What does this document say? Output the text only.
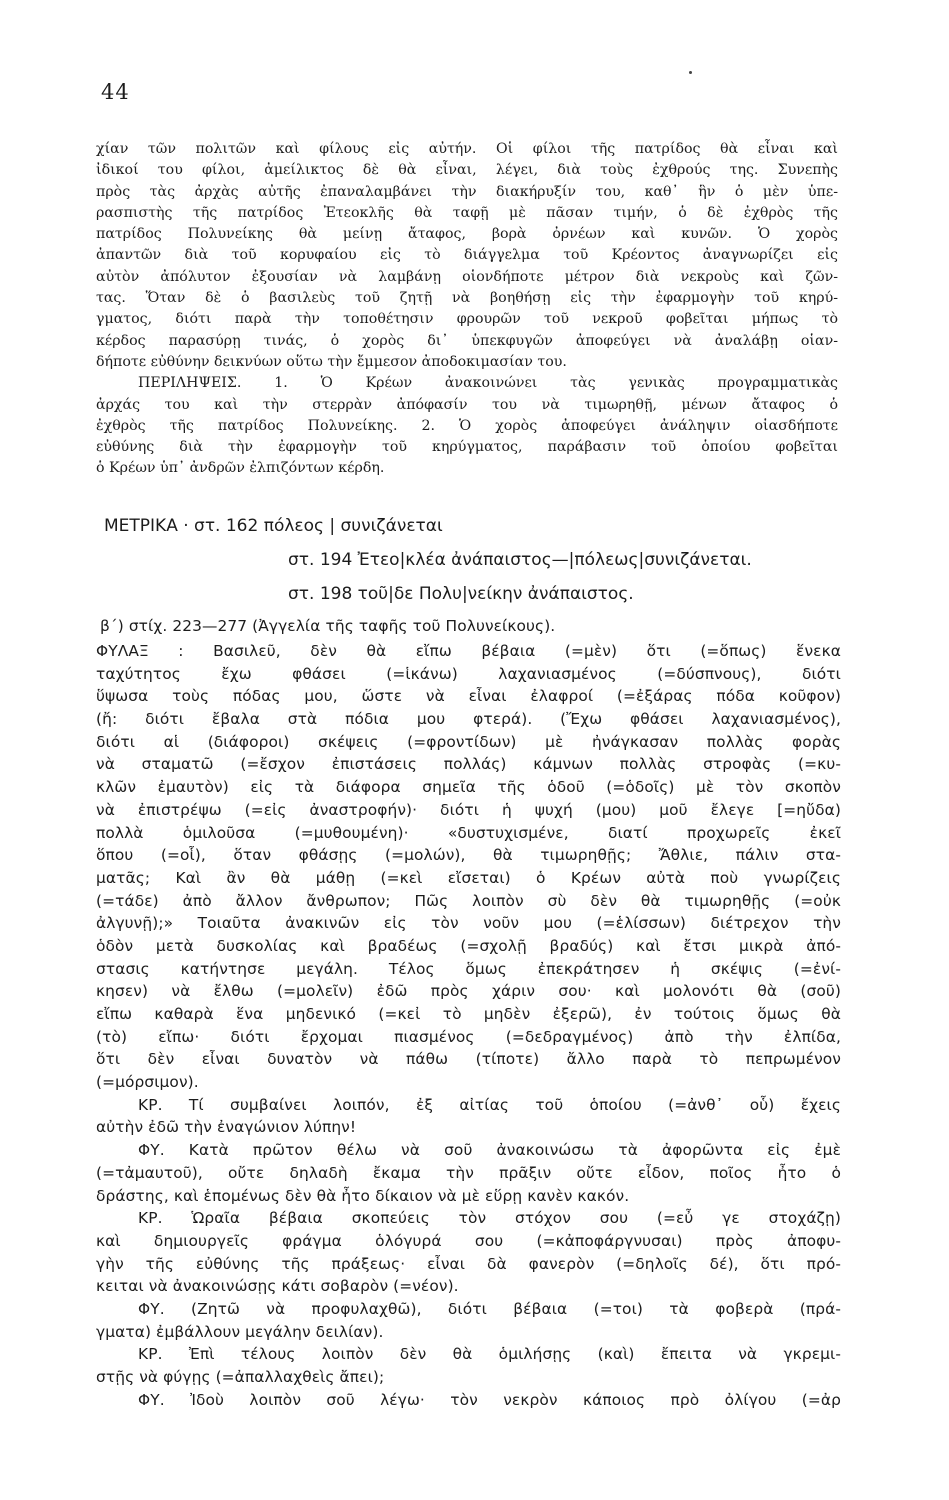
44
χίαν τῶν πολιτῶν καὶ φίλους εἰς αὐτήν. Οἱ φίλοι τῆς πατρίδος θὰ εἶναι καὶ
ἰδικοί του φίλοι, ἀμείλικτος δὲ θὰ εἶναι, λέγει, διὰ τοὺς ἐχθρούς της. Συνεπὴς
πρὸς τὰς ἀρχὰς αὐτῆς ἐπαναλαμβάνει τὴν διακήρυξίν του, καθ᾽ ἣν ὁ μὲν ὑπε-
ρασπιστὴς τῆς πατρίδος Ἐτεοκλῆς θὰ ταφῇ μὲ πᾶσαν τιμήν, ὁ δὲ ἐχθρὸς τῆς
πατρίδος Πολυνείκης θὰ μείνῃ ἄταφος, βορὰ ὀρνέων καὶ κυνῶν. Ὁ χορὸς
ἀπαντῶν διὰ τοῦ κορυφαίου εἰς τὸ διάγγελμα τοῦ Κρέοντος ἀναγνωρίζει εἰς
αὐτὸν ἀπόλυτον ἐξουσίαν νὰ λαμβάνῃ οἱονδήποτε μέτρον διὰ νεκροὺς καὶ ζῶν-
τας. Ὅταν δὲ ὁ βασιλεὺς τοῦ ζητῇ νὰ βοηθήσῃ εἰς τὴν ἐφαρμογὴν τοῦ κηρύ-
γματος, διότι παρὰ τὴν τοποθέτησιν φρουρῶν τοῦ νεκροῦ φοβεῖται μήπως τὸ
κέρδος παρασύρῃ τινάς, ὁ χορὸς δι᾽ ὑπεκφυγῶν ἀποφεύγει νὰ ἀναλάβῃ οἱαν-
δήποτε εὐθύνην δεικνύων οὕτω τὴν ἔμμεσον ἀποδοκιμασίαν του.
ΠΕΡΙΛΗΨΕΙΣ. 1. Ὁ Κρέων ἀνακοινώνει τὰς γενικὰς προγραμματικὰς
ἀρχάς του καὶ τὴν στερρὰν ἀπόφασίν του νὰ τιμωρηθῇ, μένων ἄταφος ὁ
ἐχθρὸς τῆς πατρίδος Πολυνείκης. 2. Ὁ χορὸς ἀποφεύγει ἀνάληψιν οἱασδήποτε
εὐθύνης διὰ τὴν ἐφαρμογὴν τοῦ κηρύγματος, παράβασιν τοῦ ὁποίου φοβεῖται
ὁ Κρέων ὑπ᾽ ἀνδρῶν ἐλπιζόντων κέρδη.
ΜΕΤΡΙΚΑ · στ. 162 πόλεος | συνιζάνεται
στ. 194 Ἐτεο|κλέα ἀνάπαιστος—|πόλεως|συνιζάνεται.
στ. 198 τοῦ|δε Πολυ|νείκην ἀνάπαιστος.
β΄) στίχ. 223—277 (Ἀγγελία τῆς ταφῆς τοῦ Πολυνείκους).
ΦΥΛΑΞ : Βασιλεῦ, δὲν θὰ εἴπω βέβαια (=μὲν) ὅτι (=ὅπως) ἕνεκα
ταχύτητος ἔχω φθάσει (=ἱκάνω) λαχανιασμένος (=δύσπνους), διότι
ὕψωσα τοὺς πόδας μου, ὥστε νὰ εἶναι ἐλαφροί (=ἐξάρας πόδα κοῦφον)
(ἤ: διότι ἔβαλα στὰ πόδια μου φτερά). (Ἔχω φθάσει λαχανιασμένος),
διότι αἱ (διάφοροι) σκέψεις (=φροντίδων) μὲ ἠνάγκασαν πολλὰς φορὰς
νὰ σταματῶ (=ἔσχον ἐπιστάσεις πολλάς) κάμνων πολλὰς στροφὰς (=κυ-
κλῶν ἐμαυτὸν) εἰς τὰ διάφορα σημεῖα τῆς ὁδοῦ (=ὁδοῖς) μὲ τὸν σκοπὸν
νὰ ἐπιστρέψω (=εἰς ἀναστροφήν)· διότι ἡ ψυχή (μου) μοῦ ἔλεγε [=ηὔδα)
πολλὰ ὁμιλοῦσα (=μυθουμένη)· «δυστυχισμένε, διατί προχωρεῖς ἐκεῖ
ὅπου (=οἷ), ὅταν φθάσῃς (=μολών), θὰ τιμωρηθῇς; Ἄθλιε, πάλιν στα-
ματᾶς; Καὶ ἂν θὰ μάθῃ (=κεὶ εἴσεται) ὁ Κρέων αὐτὰ ποὺ γνωρίζεις
(=τάδε) ἀπὸ ἄλλον ἄνθρωπον; Πῶς λοιπὸν σὺ δὲν θὰ τιμωρηθῇς (=οὐκ
ἀλγυνῇ);» Τοιαῦτα ἀνακινῶν εἰς τὸν νοῦν μου (=ἑλίσσων) διέτρεχον τὴν
ὁδὸν μετὰ δυσκολίας καὶ βραδέως (=σχολῇ βραδύς) καὶ ἔτσι μικρὰ ἀπό-
στασις κατήντησε μεγάλη. Τέλος ὅμως ἐπεκράτησεν ἡ σκέψις (=ἐνί-
κησεν) νὰ ἔλθω (=μολεῖν) ἐδῶ πρὸς χάριν σου· καὶ μολονότι θὰ (σοῦ)
εἴπω καθαρὰ ἕνα μηδενικό (=κεἰ τὸ μηδὲν ἐξερῶ), ἐν τούτοις ὅμως θὰ
(τὸ) εἴπω· διότι ἔρχομαι πιασμένος (=δεδραγμένος) ἀπὸ τὴν ἐλπίδα,
ὅτι δὲν εἶναι δυνατὸν νὰ πάθω (τίποτε) ἄλλο παρὰ τὸ πεπρωμένον
(=μόρσιμον).
ΚΡ. Τί συμβαίνει λοιπόν, ἐξ αἰτίας τοῦ ὁποίου (=ἀνθ᾽ οὗ) ἔχεις
αὐτὴν ἐδῶ τὴν ἐναγώνιον λύπην!
ΦΥ. Κατὰ πρῶτον θέλω νὰ σοῦ ἀνακοινώσω τὰ ἀφορῶντα εἰς ἐμὲ
(=τἀμαυτοῦ), οὔτε δηλαδὴ ἔκαμα τὴν πρᾶξιν οὔτε εἶδον, ποῖος ἦτο ὁ
δράστης, καὶ ἑπομένως δὲν θὰ ἦτο δίκαιον νὰ μὲ εὕρῃ κανὲν κακόν.
ΚΡ. Ὡραῖα βέβαια σκοπεύεις τὸν στόχον σου (=εὖ γε στοχάζῃ)
καὶ δημιουργεῖς φράγμα ὁλόγυρά σου (=κἀποφάργνυσαι) πρὸς ἀποφυ-
γὴν τῆς εὐθύνης τῆς πράξεως· εἶναι δὰ φανερὸν (=δηλοῖς δέ), ὅτι πρό-
κειται νὰ ἀνακοινώσῃς κάτι σοβαρὸν (=νέον).
ΦΥ. (Ζητῶ νὰ προφυλαχθῶ), διότι βέβαια (=τοι) τὰ φοβερὰ (πρά-
γματα) ἐμβάλλουν μεγάλην δειλίαν).
ΚΡ. Ἐπὶ τέλους λοιπὸν δὲν θὰ ὁμιλήσῃς (καὶ) ἔπειτα νὰ γκρεμι-
στῇς νὰ φύγῃς (=ἀπαλλαχθεὶς ἄπει);
ΦΥ. Ἰδοὺ λοιπὸν σοῦ λέγω· τὸν νεκρὸν κάποιος πρὸ ὀλίγου (=ἀρ
